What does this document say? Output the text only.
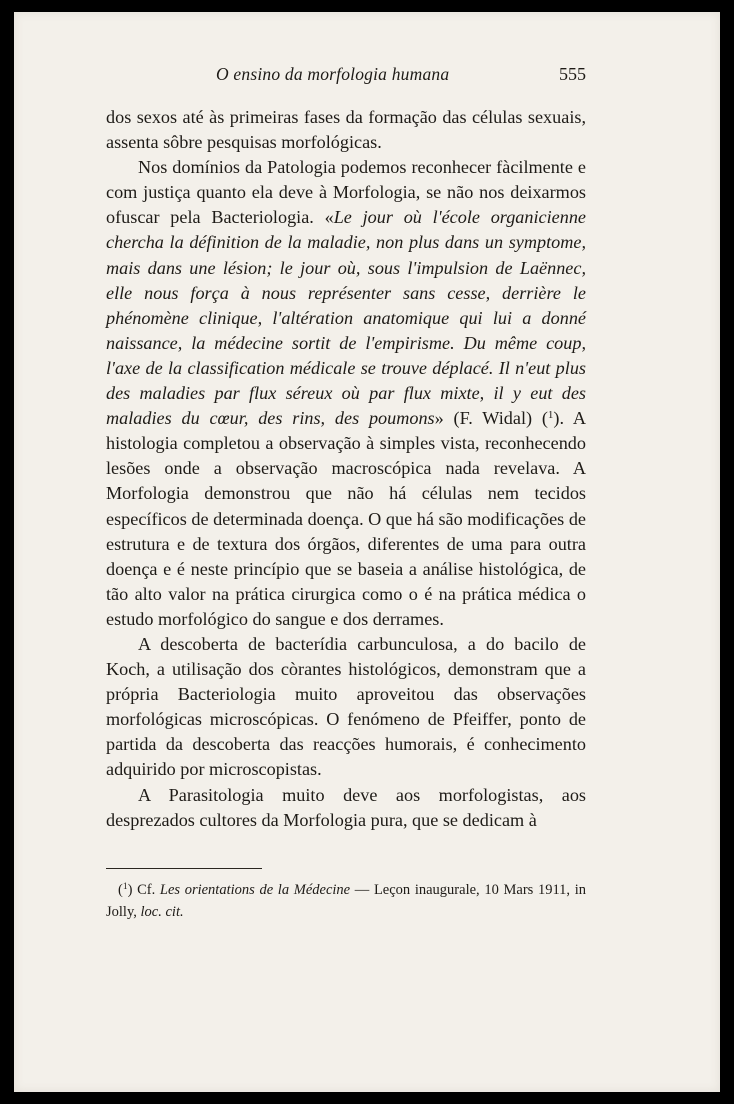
O ensino da morfologia humana	555

dos sexos até às primeiras fases da formação das células sexuais, assenta sôbre pesquisas morfológicas.

Nos domínios da Patologia podemos reconhecer fàcilmente e com justiça quanto ela deve à Morfologia, se não nos deixarmos ofuscar pela Bacteriologia. «Le jour où l'école organicienne chercha la définition de la maladie, non plus dans un symptome, mais dans une lésion; le jour où, sous l'impulsion de Laënnec, elle nous força à nous représenter sans cesse, derrière le phénomène clinique, l'altération anatomique qui lui a donné naissance, la médecine sortit de l'empirisme. Du même coup, l'axe de la classification médicale se trouve déplacé. Il n'eut plus des maladies par flux séreux où par flux mixte, il y eut des maladies du cœur, des rins, des poumons» (F. Widal) ($^1$). A histologia completou a observação à simples vista, reconhecendo lesões onde a observação macroscópica nada revelava. A Morfologia demonstrou que não há células nem tecidos específicos de determinada doença. O que há são modificações de estrutura e de textura dos órgãos, diferentes de uma para outra doença e é neste princípio que se baseia a análise histológica, de tão alto valor na prática cirurgica como o é na prática médica o estudo morfológico do sangue e dos derrames.

A descoberta de bacterídia carbunculosa, a do bacilo de Koch, a utilisação dos còrantes histológicos, demonstram que a própria Bacteriologia muito aproveitou das observações morfológicas microscópicas. O fenómeno de Pfeiffer, ponto de partida da descoberta das reacções humorais, é conhecimento adquirido por microscopistas.

A Parasitologia muito deve aos morfologistas, aos desprezados cultores da Morfologia pura, que se dedicam à

($^1$) Cf. Les orientations de la Médecine — Leçon inaugurale, 10 Mars 1911, in Jolly, loc. cit.
